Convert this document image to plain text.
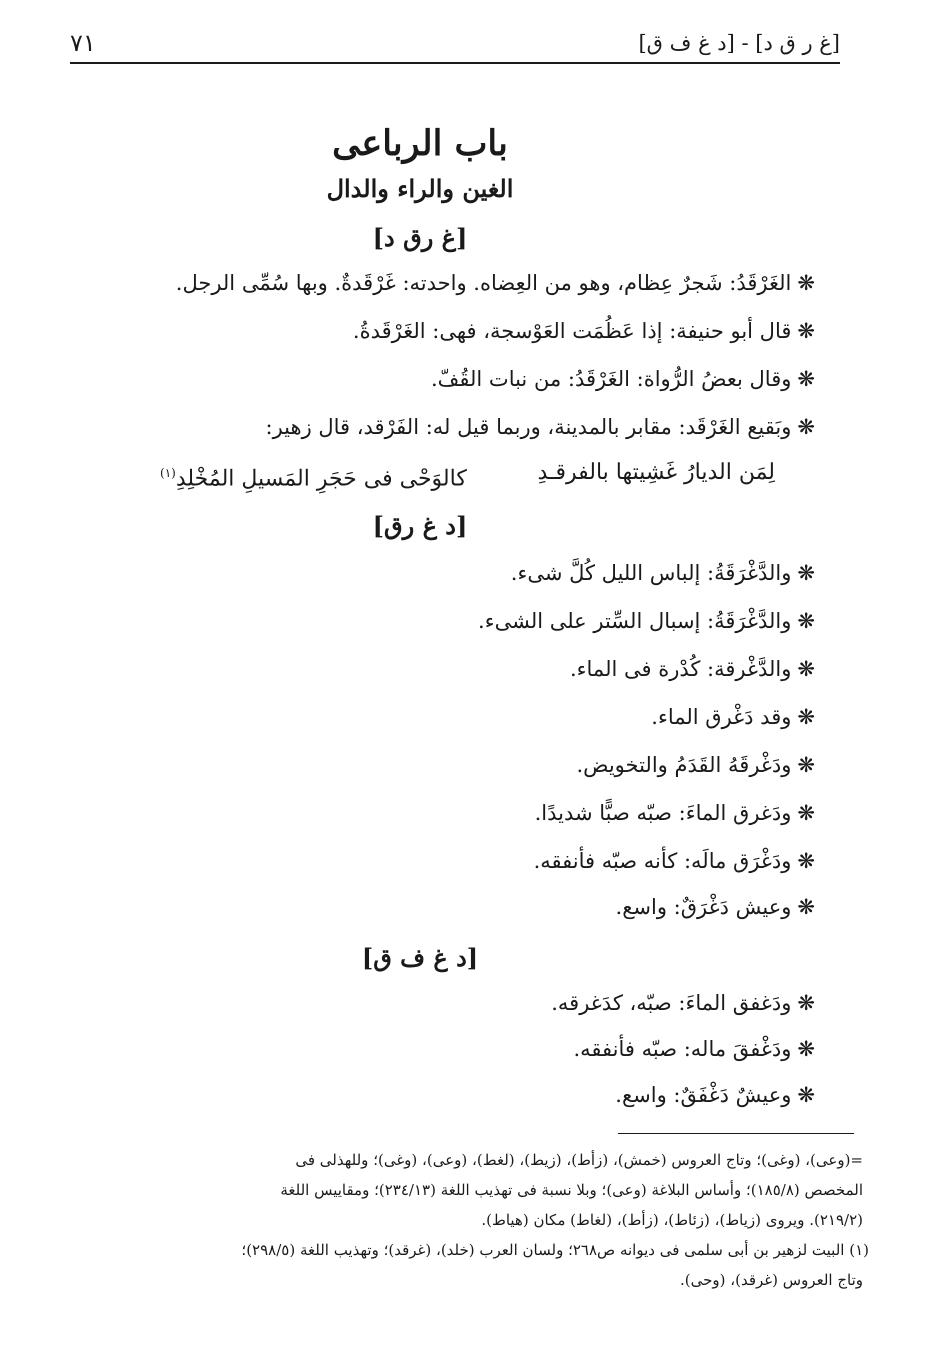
[غ ر ق د] - [د غ ف ق]
٧١
باب الرباعى
الغين والراء والدال
[غ رق د]
❋الغَرْقَدُ: شَجرٌ عِظام، وهو من العِضاه. واحدته: غَرْقَدةٌ. وبها سُمِّى الرجل.
❋قال أبو حنيفة: إذا عَظُمَت العَوْسجة، فهى: الغَرْقَدةُ.
❋وقال بعضُ الرُّواة: الغَرْقَدُ: من نبات القُفّ.
❋وبَقيع الغَرْقَد: مقابر بالمدينة، وربما قيل له: الفَرْقد، قال زهير:
لِمَن الديارُ غَشِيتها بالفرقـدِ
كالوَحْى فى حَجَرِ المَسيلِ المُخْلِدِ$^{(١)}$
[د غ رق]
❋والدَّغْرَقَةُ: إلباس الليل كُلَّ شىء.
❋والدَّغْرَقَةُ: إسبال السِّتر على الشىء.
❋والدَّغْرقة: كُدْرة فى الماء.
❋وقد دَغْرق الماء.
❋ودَغْرقَهُ القَدَمُ والتخويض.
❋ودَغرق الماءَ: صبّه صبًّا شديدًا.
❋ودَغْرَق مالَه: كأنه صبّه فأنفقه.
❋وعيش دَغْرَقٌ: واسع.
[د غ ف ق]
❋ودَغفق الماءَ: صبّه، كدَغرقه.
❋ودَغْفقَ ماله: صبّه فأنفقه.
❋وعيشٌ دَغْفَقٌ: واسع.
=(وعى)، (وغى)؛ وتاج العروس (خمش)، (زأط)، (زيط)، (لغط)، (وعى)، (وغى)؛ وللهذلى فى
المخصص (١٨٥/٨)؛ وأساس البلاغة (وعى)؛ وبلا نسبة فى تهذيب اللغة (٢٣٤/١٣)؛ ومقاييس اللغة
(٢١٩/٢). ويروى (زياط)، (زئاط)، (زأط)، (لغاط) مكان (هياط).
(١) البيت لزهير بن أبى سلمى فى ديوانه ص٢٦٨؛ ولسان العرب (خلد)، (غرقد)؛ وتهذيب اللغة (٢٩٨/٥)؛
وتاج العروس (غرقد)، (وحى).
